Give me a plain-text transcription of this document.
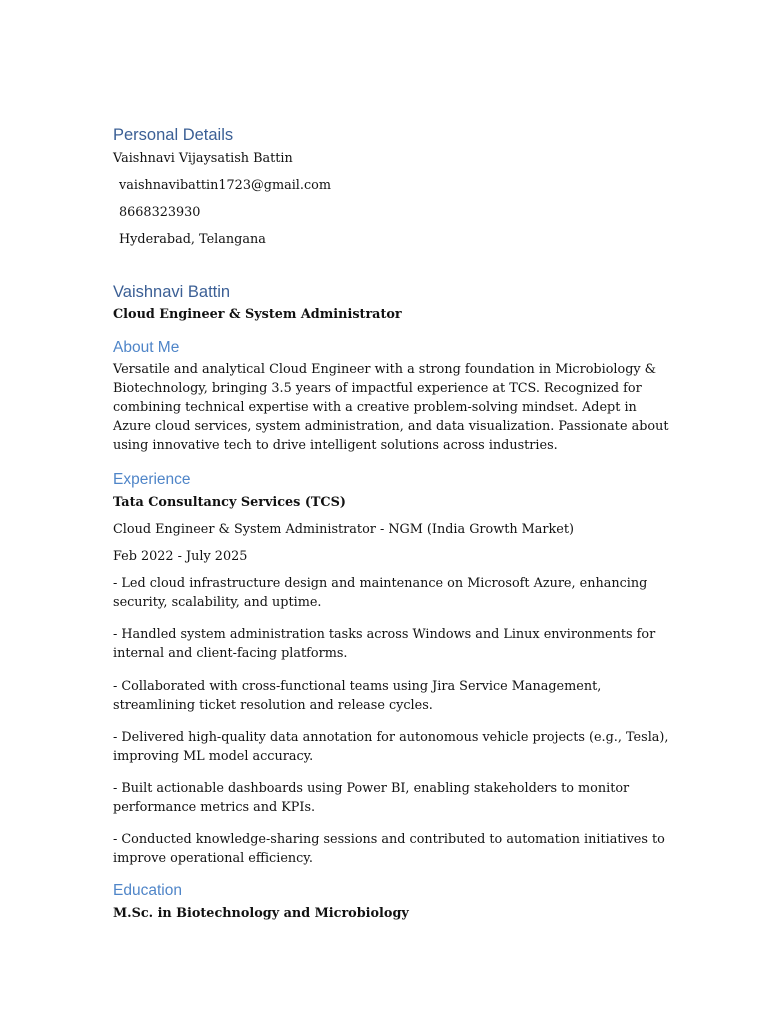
Personal Details

Vaishnavi Vijaysatish Battin

vaishnavibattin1723@gmail.com

8668323930

Hyderabad, Telangana

Vaishnavi Battin

Cloud Engineer & System Administrator

About Me

Versatile and analytical Cloud Engineer with a strong foundation in Microbiology & Biotechnology, bringing 3.5 years of impactful experience at TCS. Recognized for combining technical expertise with a creative problem-solving mindset. Adept in Azure cloud services, system administration, and data visualization. Passionate about using innovative tech to drive intelligent solutions across industries.

Experience

Tata Consultancy Services (TCS)

Cloud Engineer & System Administrator - NGM (India Growth Market)

Feb 2022 - July 2025

- Led cloud infrastructure design and maintenance on Microsoft Azure, enhancing security, scalability, and uptime.

- Handled system administration tasks across Windows and Linux environments for internal and client-facing platforms.

- Collaborated with cross-functional teams using Jira Service Management, streamlining ticket resolution and release cycles.

- Delivered high-quality data annotation for autonomous vehicle projects (e.g., Tesla), improving ML model accuracy.

- Built actionable dashboards using Power BI, enabling stakeholders to monitor performance metrics and KPIs.

- Conducted knowledge-sharing sessions and contributed to automation initiatives to improve operational efficiency.

Education

M.Sc. in Biotechnology and Microbiology
